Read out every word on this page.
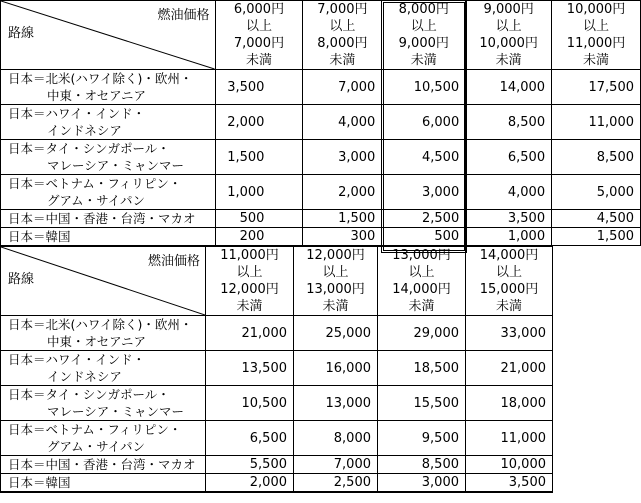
燃油価格
路線

6,000円
以上
7,000円
未満

7,000円
以上
8,000円
未満

8,000円
以上
9,000円
未満

9,000円
以上
10,000円
未満

10,000円
以上
11,000円
未満

日本＝北米(ハワイ除く)・欧州・
中東・オセアニア	3,500	7,000	10,500	14,000	17,500

日本＝ハワイ・インド・
インドネシア	2,000	4,000	6,000	8,500	11,000

日本＝タイ・シンガポール・
マレーシア・ミャンマー	1,500	3,000	4,500	6,500	8,500

日本＝ベトナム・フィリピン・
グアム・サイパン	1,000	2,000	3,000	4,000	5,000

日本＝中国・香港・台湾・マカオ	500	1,500	2,500	3,500	4,500

日本＝韓国	200	300	500	1,000	1,500
燃油価格
路線

11,000円
以上
12,000円
未満

12,000円
以上
13,000円
未満

13,000円
以上
14,000円
未満

14,000円
以上
15,000円
未満

日本＝北米(ハワイ除く)・欧州・
中東・オセアニア	21,000	25,000	29,000	33,000

日本＝ハワイ・インド・
インドネシア	13,500	16,000	18,500	21,000

日本＝タイ・シンガポール・
マレーシア・ミャンマー	10,500	13,000	15,500	18,000

日本＝ベトナム・フィリピン・
グアム・サイパン	6,500	8,000	9,500	11,000

日本＝中国・香港・台湾・マカオ	5,500	7,000	8,500	10,000

日本＝韓国	2,000	2,500	3,000	3,500
